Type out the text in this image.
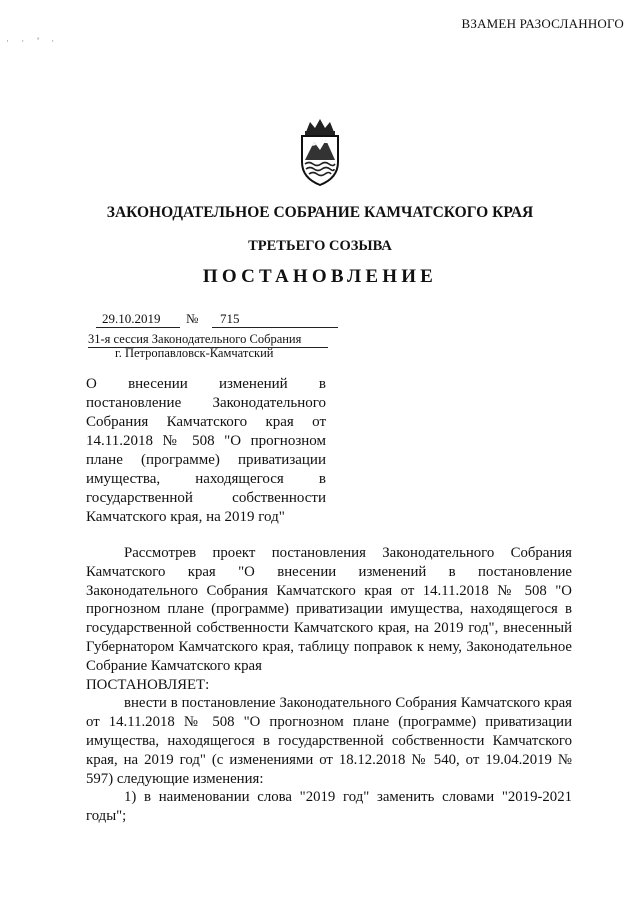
ВЗАМЕН РАЗОСЛАННОГО
· · ’ ·
ЗАКОНОДАТЕЛЬНОЕ СОБРАНИЕ КАМЧАТСКОГО КРАЯ
ТРЕТЬЕГО СОЗЫВА
ПОСТАНОВЛЕНИЕ
29.10.2019	№	715
31-я сессия Законодательного Собрания
г. Петропавловск-Камчатский
О внесении изменений в постановление Законодательного Собрания Камчатского края от 14.11.2018 № 508 "О прогнозном плане (программе) приватизации имущества, находящегося в государственной собственности Камчатского края, на 2019 год"

Рассмотрев проект постановления Законодательного Собрания Камчатского края "О внесении изменений в постановление Законодательного Собрания Камчатского края от 14.11.2018 № 508 "О прогнозном плане (программе) приватизации имущества, находящегося в государственной собственности Камчатского края, на 2019 год", внесенный Губернатором Камчатского края, таблицу поправок к нему, Законодательное Собрание Камчатского края

ПОСТАНОВЛЯЕТ:

внести в постановление Законодательного Собрания Камчатского края от 14.11.2018 № 508 "О прогнозном плане (программе) приватизации имущества, находящегося в государственной собственности Камчатского края, на 2019 год" (с изменениями от 18.12.2018 № 540, от 19.04.2019 № 597) следующие изменения:

1) в наименовании слова "2019 год" заменить словами "2019-2021 годы";
